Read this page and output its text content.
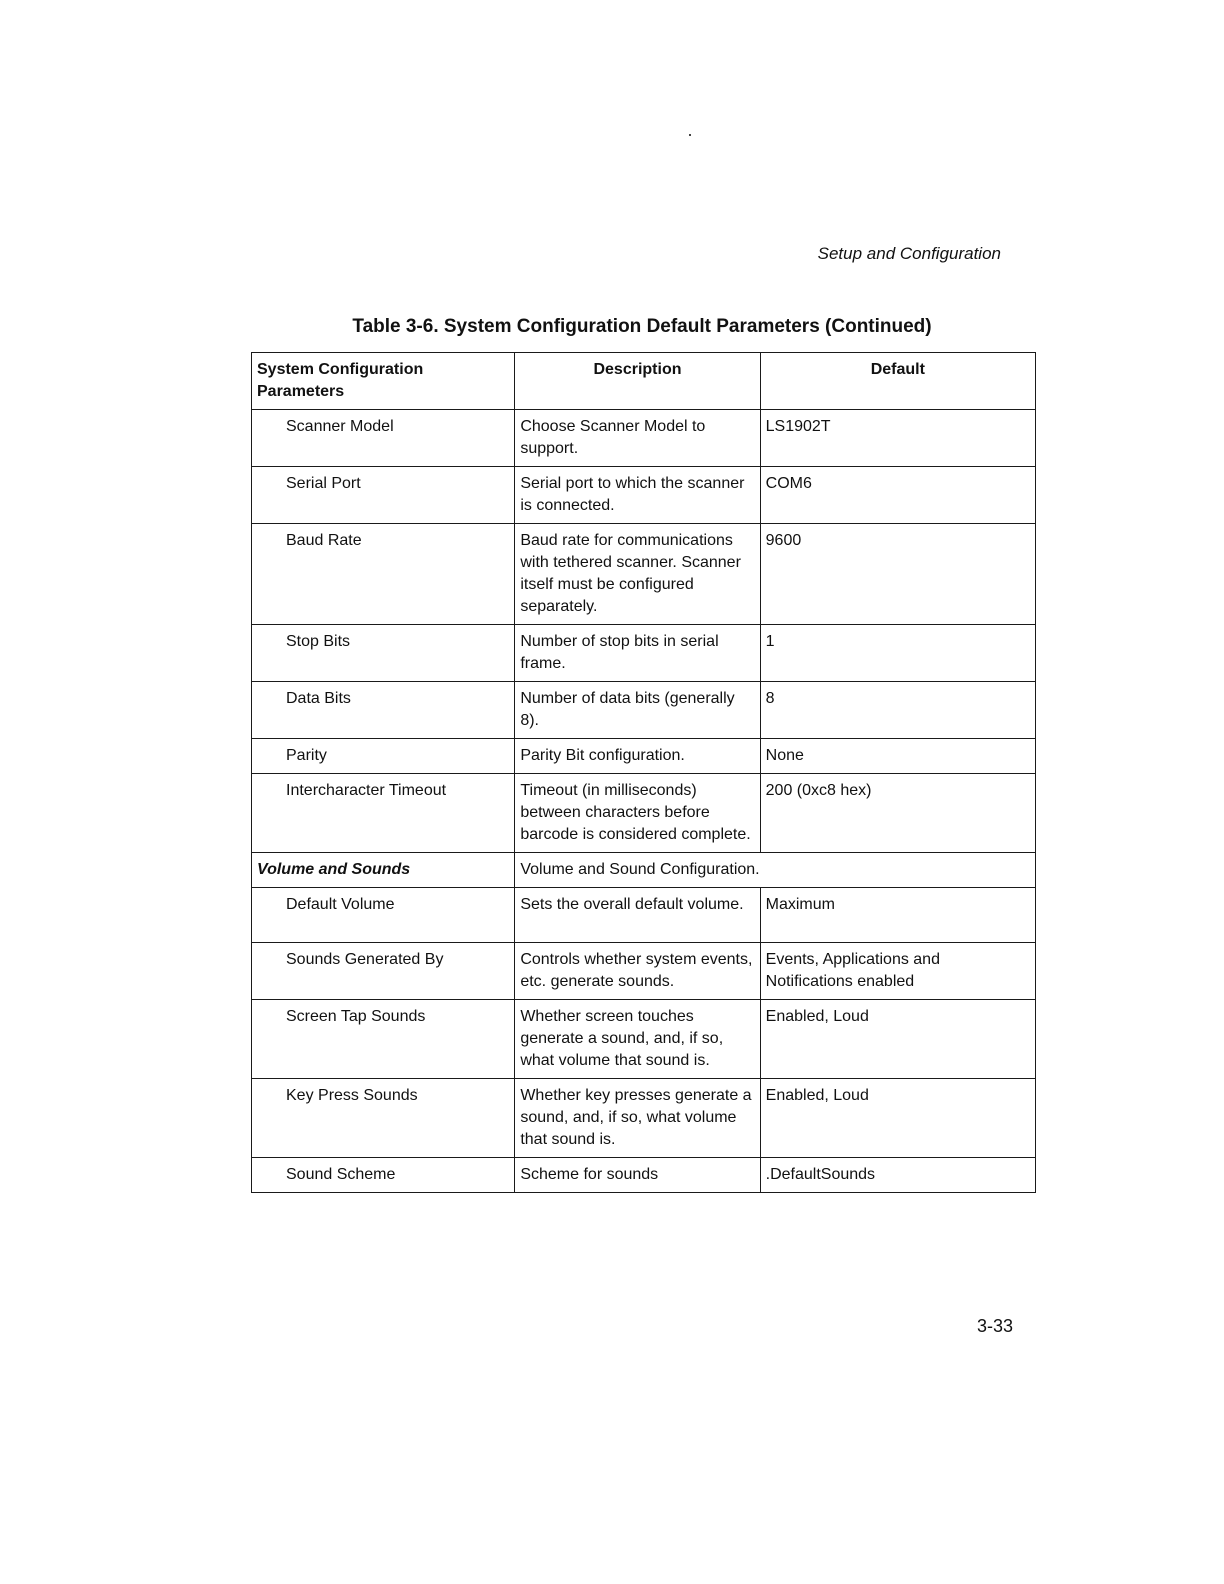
Setup and Configuration
Table 3-6. System Configuration Default Parameters (Continued)
System Configuration Parameters	Description	Default
Scanner Model	Choose Scanner Model to support.	LS1902T
Serial Port	Serial port to which the scanner is connected.	COM6
Baud Rate	Baud rate for communications with tethered scanner. Scanner itself must be configured separately.	9600
Stop Bits	Number of stop bits in serial frame.	1
Data Bits	Number of data bits (generally 8).	8
Parity	Parity Bit configuration.	None
Intercharacter Timeout	Timeout (in milliseconds) between characters before barcode is considered complete.	200 (0xc8 hex)
Volume and Sounds	Volume and Sound Configuration.	
Default Volume	Sets the overall default volume.	Maximum
Sounds Generated By	Controls whether system events, etc. generate sounds.	Events, Applications and Notifications enabled
Screen Tap Sounds	Whether screen touches generate a sound, and, if so, what volume that sound is.	Enabled, Loud
Key Press Sounds	Whether key presses generate a sound, and, if so, what volume that sound is.	Enabled, Loud
Sound Scheme	Scheme for sounds	.DefaultSounds
3-33
